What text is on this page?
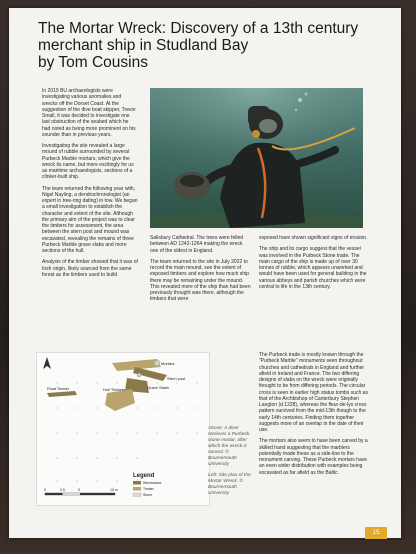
The Mortar Wreck: Discovery of a 13th century
merchant ship in Studland Bay
by Tom Cousins

In 2019 BU archaeologists were investigating various anomalies and wrecks off the Dorset Coast. At the suggestion of the dive boat skipper, Trevor Small, it was decided to investigate one last obstruction of the seabed which he had noted as being more prominent on his sounder than in previous years.

Investigating the site revealed a large mound of rubble surrounded by several Purbeck Marble mortars, which give the wreck its name, but more excitingly for us as maritime archaeologists, sections of a clinker-built ship.

The team returned the following year with, Nigel Nayling, a dendrochronologist (an expert in tree-ring dating) in tow. We began a small investigation to establish the character and extent of the site. Although the primary aim of the project was to clear the timbers for assessment, the area between the stern post and mound was excavated, revealing the remains of three Purbeck Marble grave slabs and more sections of the hull.

Analysis of the timber showed that it was of Irish origin, likely sourced from the same forest as the timbers used to build

Salisbury Cathedral. The trees were felled between AD 1242-1264 making the wreck one of the oldest in England.

The team returned to the site in July 2022 to record the main mound, see the extent of exposed timbers and explore how much ship there may be remaining under the mound. This revealed more of the ship than had been previously thought was there, although the timbers that were

exposed have shown significant signs of erosion.

The ship and its cargo suggest that the vessel was involved in the Purbeck Stone trade. The main cargo of the ship is made up of over 30 tonnes of rubble, which appears unworked and would have been used for general building in the various abbeys and parish churches which were central to life in the 13th century.

The Purbeck trade is mostly known through the "Purbeck Marble" monuments seen throughout churches and cathedrals in England and further afield in Ireland and France. The two differing designs of slabs on the wreck were originally thought to be from differing periods. The circular cross is seen in earlier high status tombs such as that of the Archbishop of Canterbury Stephen Langton (d.1228), whereas the fleur-de-lys cross pattern survived from the mid-13th though to the early 14th centuries. Finding them together suggests more of an overlap in the date of their use.

The mortars also seem to have been carved by a skilled hand suggesting that the marblers potentially made these as a side-line to the monument carving. These Purbeck mortars have an even wider distribution with examples being excavated as far afield as the Baltic.

Mortars
Stern post
Grave Slabs
Hull Timbers
Float Timber
Legend
Wreckstone
Timber
Stone
0	2.5	5	10 m

Above: A diver retrieves a Purbeck stone mortar, after which the wreck is named. © Bournemouth University

Left: Site plan of the Mortar Wreck. © Bournemouth University

15
